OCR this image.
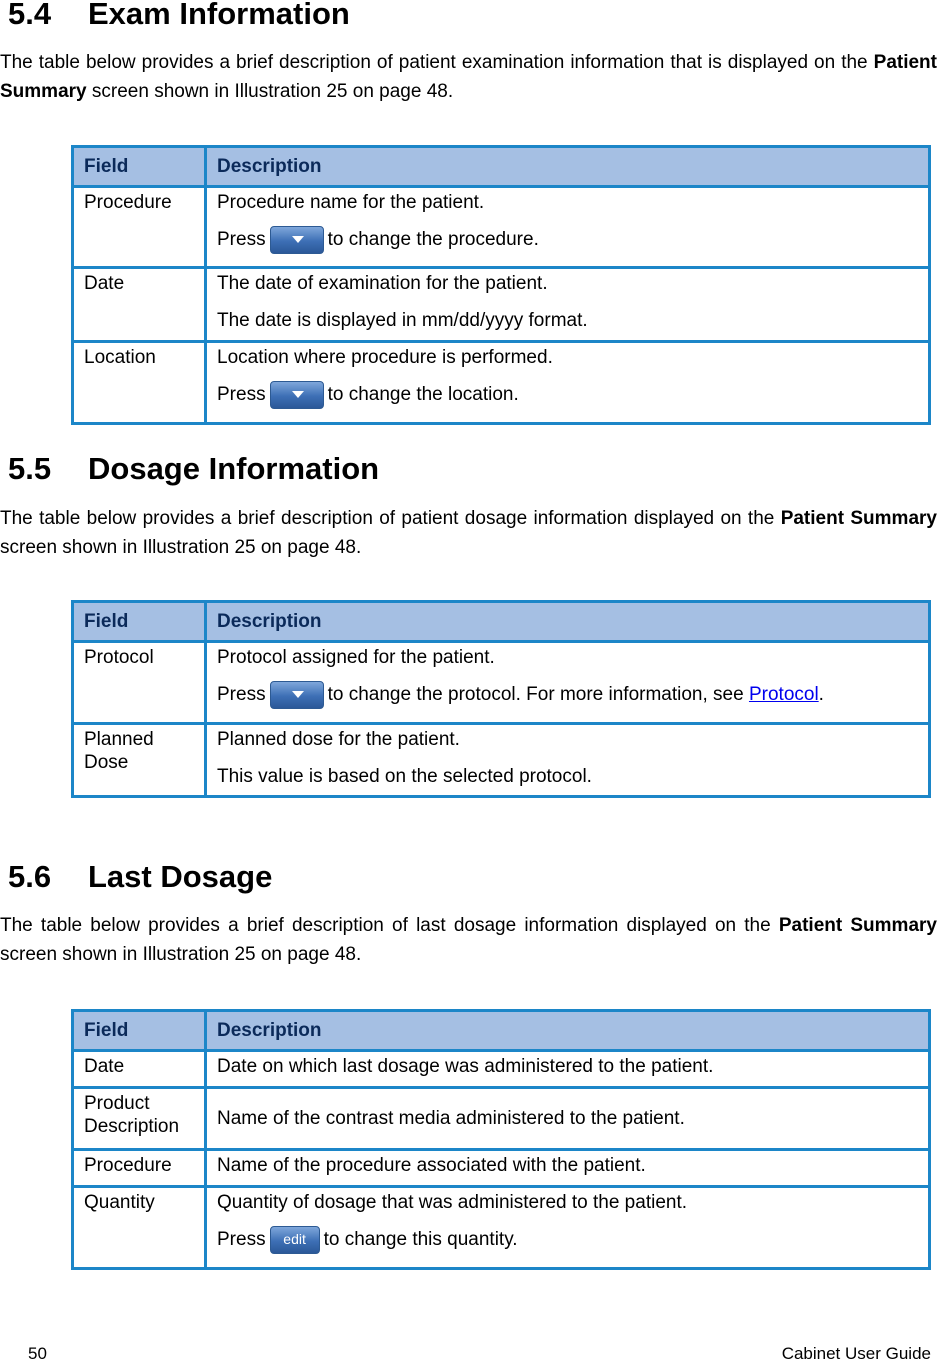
5.4 Exam Information

The table below provides a brief description of patient examination information that is displayed on the Patient Summary screen shown in Illustration 25 on page 48.

Field	Description
Procedure	Procedure name for the patient.
Press to change the procedure.

Date	The date of examination for the patient.
The date is displayed in mm/dd/yyyy format.

Location	Location where procedure is performed.
Press to change the location.
5.5 Dosage Information

The table below provides a brief description of patient dosage information displayed on the Patient Summary screen shown in Illustration 25 on page 48.

Field	Description
Protocol	Protocol assigned for the patient.
Press to change the protocol. For more information, see Protocol.

Planned
Dose	Planned dose for the patient.
This value is based on the selected protocol.
5.6 Last Dosage

The table below provides a brief description of last dosage information displayed on the Patient Summary screen shown in Illustration 25 on page 48.

Field	Description
Date	Date on which last dosage was administered to the patient.

Product
Description	Name of the contrast media administered to the patient.
Procedure	Name of the procedure associated with the patient.
Quantity	Quantity of dosage that was administered to the patient.
Press edit to change this quantity.
50	Cabinet User Guide
